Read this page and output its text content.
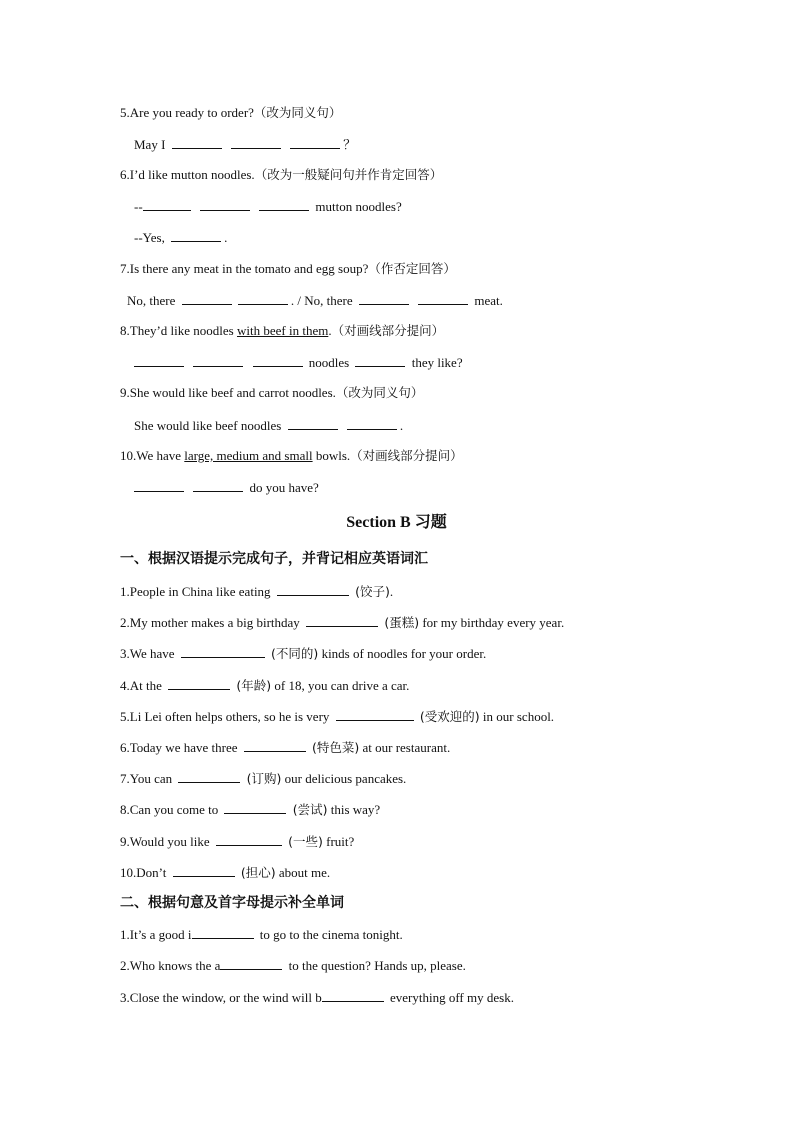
5.Are you ready to order?（改为同义句）
May I	？
6.I’d like mutton noodles.（改为一般疑问句并作肯定回答）
--	mutton noodles?
--Yes,	.
7.Is there any meat in the tomato and egg soup?（作否定回答）
No, there	. / No, there	meat.
8.They’d like noodles with beef in them.（对画线部分提问）
noodles	they like?
9.She would like beef and carrot noodles.（改为同义句）
She would like beef noodles	.
10.We have large, medium and small bowls.（对画线部分提问）
do you have?
Section B 习题
一、根据汉语提示完成句子，并背记相应英语词汇
1.People in China like eating	(饺子).
2.My mother makes a big birthday	(蛋糕) for my birthday every year.
3.We have	(不同的) kinds of noodles for your order.
4.At the	(年龄) of 18, you can drive a car.
5.Li Lei often helps others, so he is very	(受欢迎的) in our school.
6.Today we have three	(特色菜) at our restaurant.
7.You can	(订购) our delicious pancakes.
8.Can you come to	(尝试) this way?
9.Would you like	(一些) fruit?
10.Don’t	(担心) about me.
二、根据句意及首字母提示补全单词
1.It’s a good i	to go to the cinema tonight.
2.Who knows the a	to the question? Hands up, please.
3.Close the window, or the wind will b	everything off my desk.
